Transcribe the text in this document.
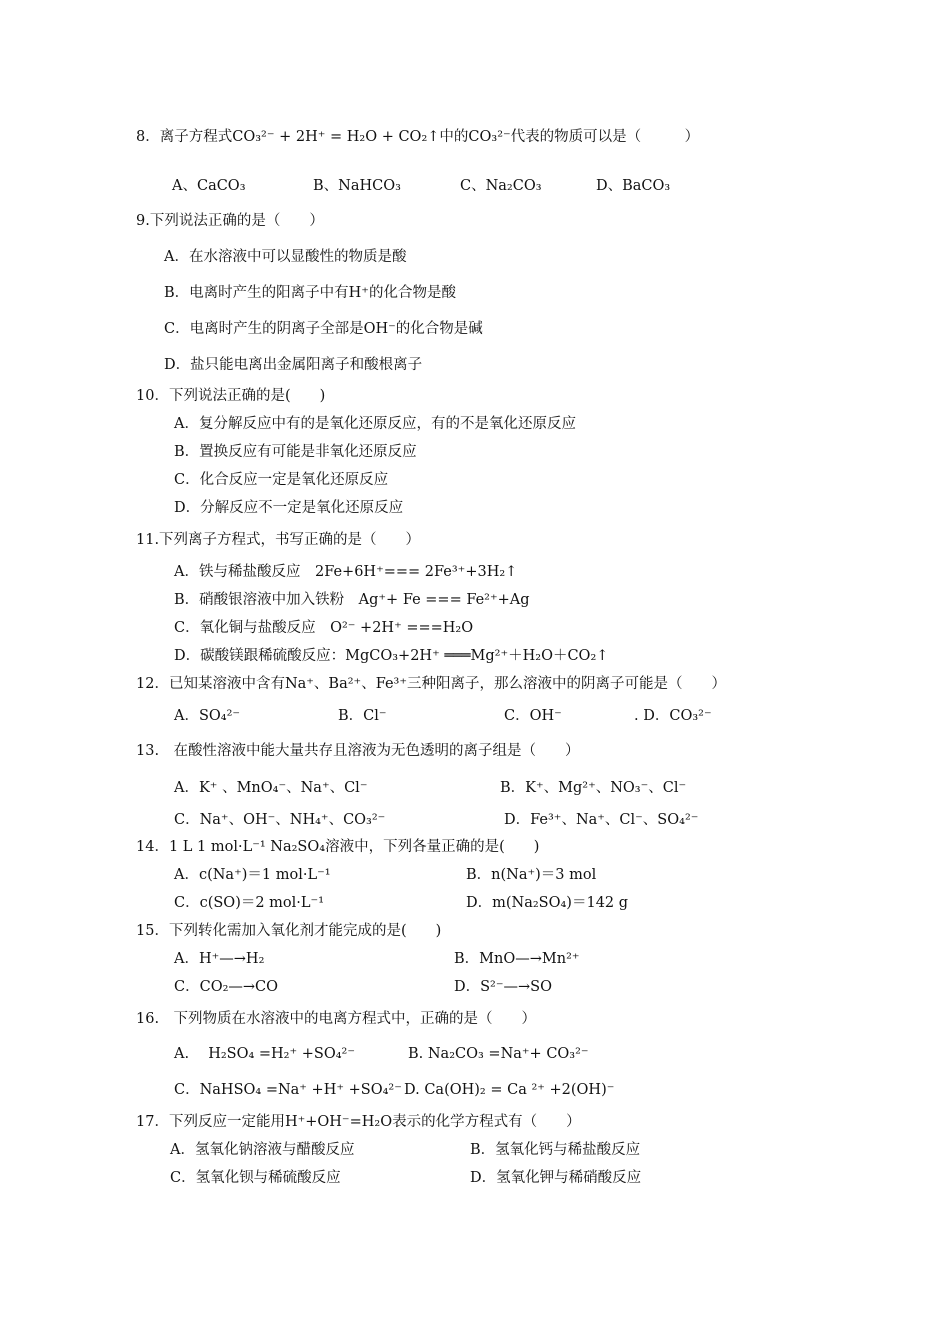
8．离子方程式CO₃²⁻ + 2H⁺ = H₂O + CO₂↑中的CO₃²⁻代表的物质可以是（　　　）
A、CaCO₃	B、NaHCO₃	C、Na₂CO₃	D、BaCO₃
9.下列说法正确的是（　　）
A．在水溶液中可以显酸性的物质是酸
B．电离时产生的阳离子中有H⁺的化合物是酸
C．电离时产生的阴离子全部是OH⁻的化合物是碱
D．盐只能电离出金属阳离子和酸根离子
10．下列说法正确的是(　　)
A．复分解反应中有的是氧化还原反应，有的不是氧化还原反应
B．置换反应有可能是非氧化还原反应
C．化合反应一定是氧化还原反应
D．分解反应不一定是氧化还原反应
11.下列离子方程式，书写正确的是（　　）
A．铁与稀盐酸反应　2Fe+6H⁺=== 2Fe³⁺+3H₂↑
B．硝酸银溶液中加入铁粉　Ag⁺+ Fe === Fe²⁺+Ag
C．氧化铜与盐酸反应　O²⁻ +2H⁺ ===H₂O
D．碳酸镁跟稀硫酸反应：MgCO₃+2H⁺ ═══Mg²⁺＋H₂O＋CO₂↑
12．已知某溶液中含有Na⁺、Ba²⁺、Fe³⁺三种阳离子，那么溶液中的阴离子可能是（　　）
A．SO₄²⁻	B．Cl⁻	C．OH⁻	. D．CO₃²⁻
13.　在酸性溶液中能大量共存且溶液为无色透明的离子组是（　　）
A．K⁺ 、MnO₄⁻、Na⁺、Cl⁻	B．K⁺、Mg²⁺、NO₃⁻、Cl⁻
C．Na⁺、OH⁻、NH₄⁺、CO₃²⁻	D．Fe³⁺、Na⁺、Cl⁻、SO₄²⁻
14．1 L 1 mol·L⁻¹ Na₂SO₄溶液中，下列各量正确的是(　　)
A．c(Na⁺)＝1 mol·L⁻¹	B．n(Na⁺)＝3 mol
C．c(SO)＝2 mol·L⁻¹	D．m(Na₂SO₄)＝142 g
15．下列转化需加入氧化剂才能完成的是(　　)
A．H⁺—→H₂	B．MnO—→Mn²⁺
C．CO₂—→CO	D．S²⁻—→SO
16.　下列物质在水溶液中的电离方程式中，正确的是（　　）
A.　 H₂SO₄ =H₂⁺ +SO₄²⁻	B. Na₂CO₃ =Na⁺+ CO₃²⁻
C．NaHSO₄ =Na⁺ +H⁺ +SO₄²⁻ D. Ca(OH)₂ = Ca ²⁺ +2(OH)⁻
17．下列反应一定能用H⁺+OH⁻=H₂O表示的化学方程式有（　　）
A．氢氧化钠溶液与醋酸反应	B．氢氧化钙与稀盐酸反应
C．氢氧化钡与稀硫酸反应	D．氢氧化钾与稀硝酸反应
